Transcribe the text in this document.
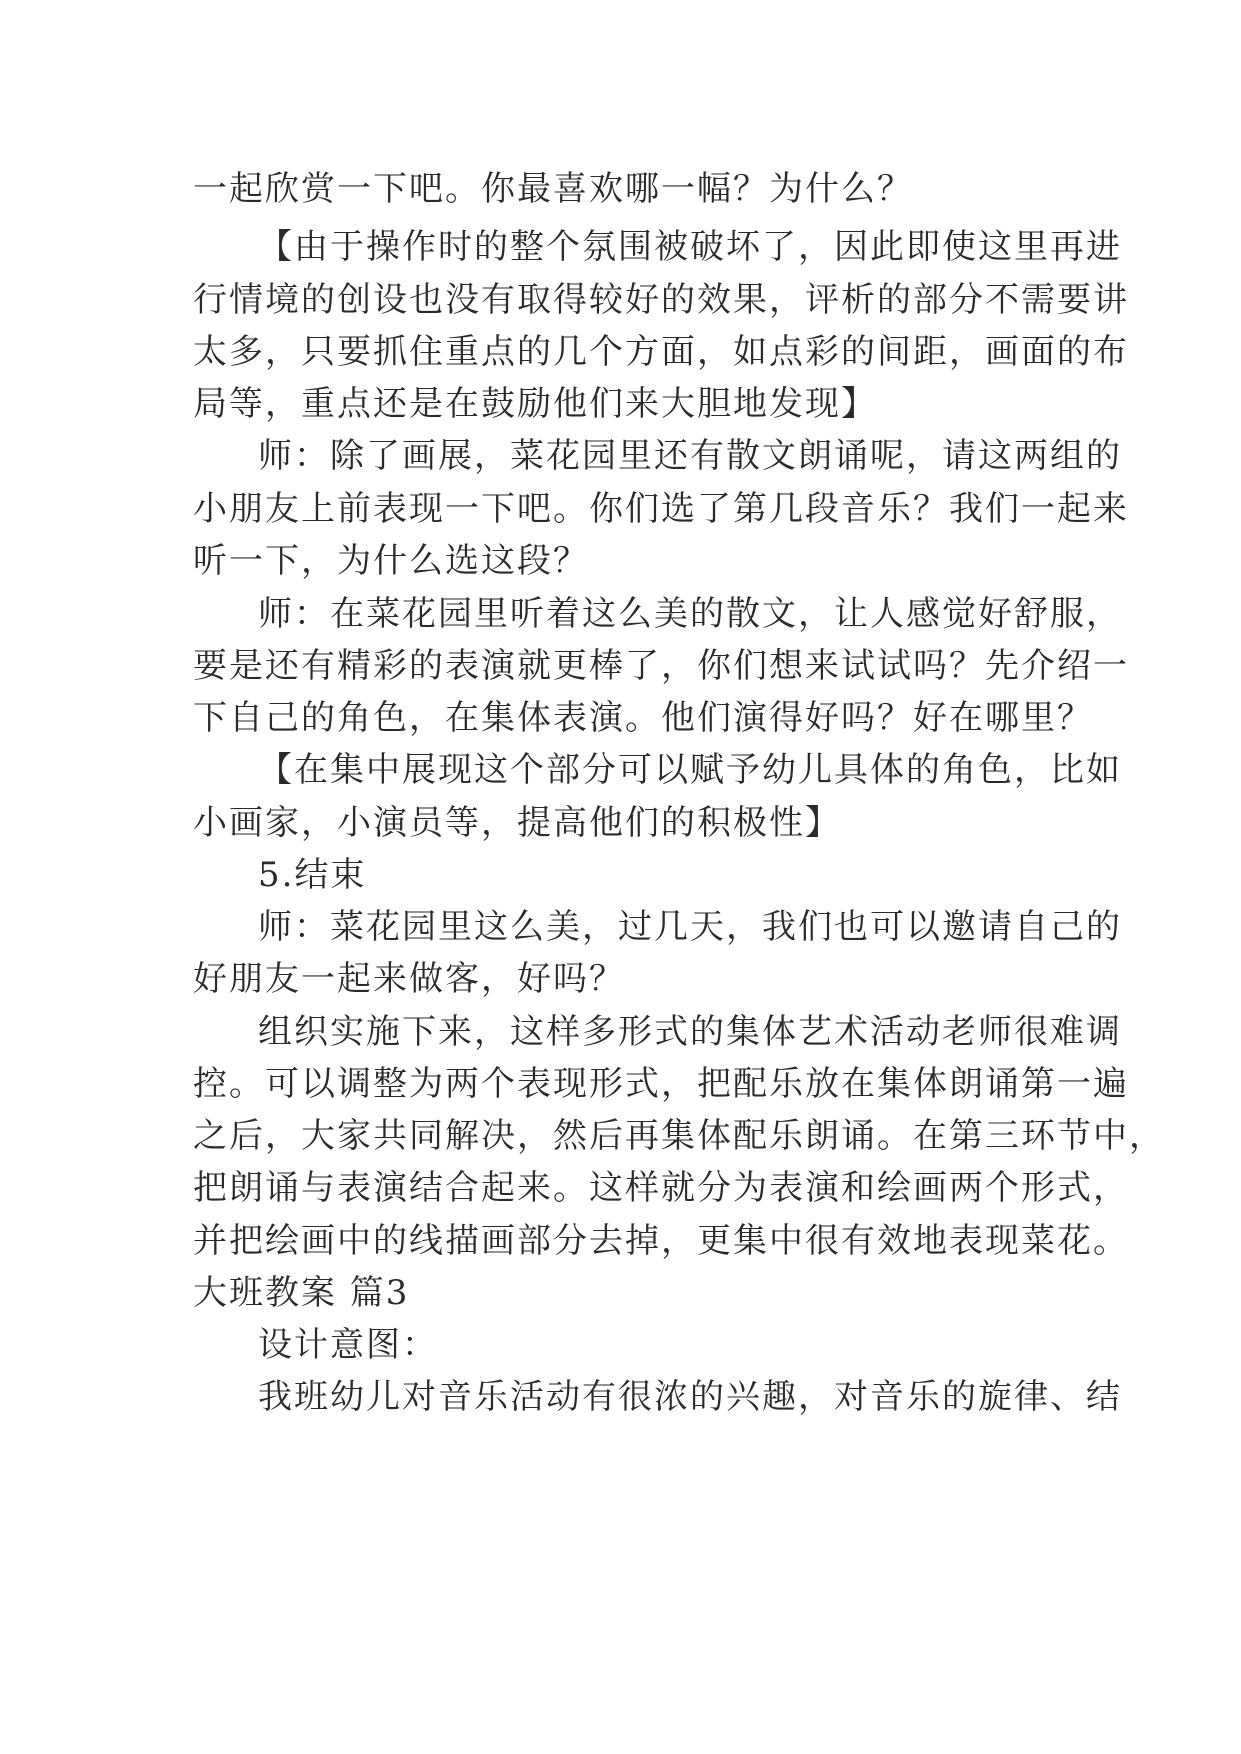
一起欣赏一下吧。你最喜欢哪一幅？为什么？
【由于操作时的整个氛围被破坏了，因此即使这里再进
行情境的创设也没有取得较好的效果，评析的部分不需要讲
太多，只要抓住重点的几个方面，如点彩的间距，画面的布
局等，重点还是在鼓励他们来大胆地发现】
师：除了画展，菜花园里还有散文朗诵呢，请这两组的
小朋友上前表现一下吧。你们选了第几段音乐？我们一起来
听一下，为什么选这段？
师：在菜花园里听着这么美的散文，让人感觉好舒服，
要是还有精彩的表演就更棒了，你们想来试试吗？先介绍一
下自己的角色，在集体表演。他们演得好吗？好在哪里？
【在集中展现这个部分可以赋予幼儿具体的角色，比如
小画家，小演员等，提高他们的积极性】
5.结束
师：菜花园里这么美，过几天，我们也可以邀请自己的
好朋友一起来做客，好吗？
组织实施下来，这样多形式的集体艺术活动老师很难调
控。可以调整为两个表现形式，把配乐放在集体朗诵第一遍
之后，大家共同解决，然后再集体配乐朗诵。在第三环节中，
把朗诵与表演结合起来。这样就分为表演和绘画两个形式，
并把绘画中的线描画部分去掉，更集中很有效地表现菜花。
大班教案 篇3
设计意图：
我班幼儿对音乐活动有很浓的兴趣，对音乐的旋律、结
